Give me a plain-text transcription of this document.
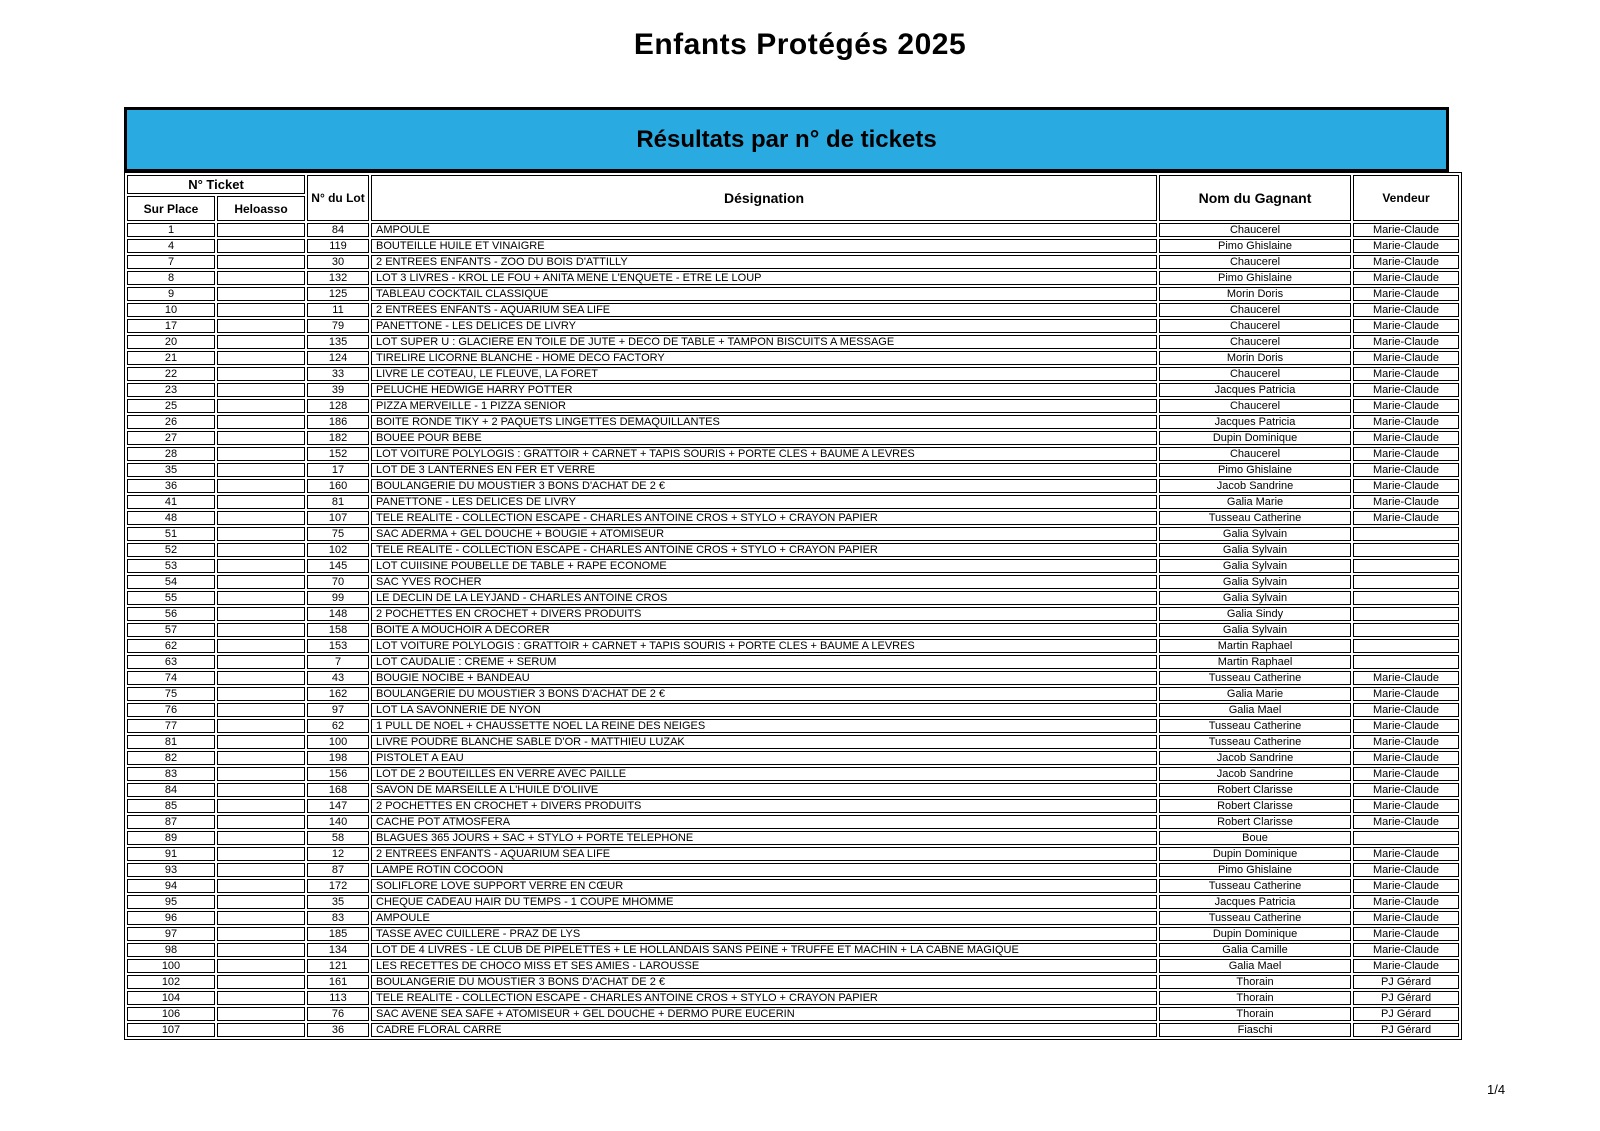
Enfants Protégés 2025
Résultats par n° de tickets
N° Ticket		N° du Lot	Désignation	Nom du Gagnant	Vendeur
Sur Place	Heloasso				
1		84	AMPOULE	Chaucerel	Marie-Claude
4		119	BOUTEILLE HUILE ET VINAIGRE	Pimo Ghislaine	Marie-Claude
7		30	2 ENTREES ENFANTS - ZOO DU BOIS D'ATTILLY	Chaucerel	Marie-Claude
8		132	LOT 3 LIVRES - KROL LE FOU + ANITA MENE L'ENQUETE - ETRE LE LOUP	Pimo Ghislaine	Marie-Claude
9		125	TABLEAU COCKTAIL CLASSIQUE	Morin Doris	Marie-Claude
10		11	2 ENTREES ENFANTS - AQUARIUM SEA LIFE	Chaucerel	Marie-Claude
17		79	PANETTONE - LES DELICES DE LIVRY	Chaucerel	Marie-Claude
20		135	LOT SUPER U : GLACIERE EN TOILE DE JUTE + DECO DE TABLE + TAMPON BISCUITS A MESSAGE	Chaucerel	Marie-Claude
21		124	TIRELIRE LICORNE BLANCHE - HOME DECO FACTORY	Morin Doris	Marie-Claude
22		33	LIVRE LE COTEAU, LE FLEUVE, LA FORET	Chaucerel	Marie-Claude
23		39	PELUCHE HEDWIGE HARRY POTTER	Jacques Patricia	Marie-Claude
25		128	PIZZA MERVEILLE - 1 PIZZA SENIOR	Chaucerel	Marie-Claude
26		186	BOITE RONDE TIKY + 2 PAQUETS LINGETTES DEMAQUILLANTES	Jacques Patricia	Marie-Claude
27		182	BOUEE POUR BEBE	Dupin Dominique	Marie-Claude
28		152	LOT VOITURE POLYLOGIS : GRATTOIR + CARNET + TAPIS SOURIS + PORTE CLES + BAUME A LEVRES	Chaucerel	Marie-Claude
35		17	LOT DE 3 LANTERNES EN FER ET VERRE	Pimo Ghislaine	Marie-Claude
36		160	BOULANGERIE DU MOUSTIER 3 BONS D'ACHAT DE 2 €	Jacob Sandrine	Marie-Claude
41		81	PANETTONE - LES DELICES DE LIVRY	Galia Marie	Marie-Claude
48		107	TELE REALITE - COLLECTION ESCAPE - CHARLES ANTOINE CROS + STYLO + CRAYON PAPIER	Tusseau Catherine	Marie-Claude
51		75	SAC ADERMA + GEL DOUCHE + BOUGIE + ATOMISEUR	Galia Sylvain	
52		102	TELE REALITE - COLLECTION ESCAPE - CHARLES ANTOINE CROS + STYLO + CRAYON PAPIER	Galia Sylvain	
53		145	LOT CUIISINE POUBELLE DE TABLE + RAPE ECONOME	Galia Sylvain	
54		70	SAC YVES ROCHER	Galia Sylvain	
55		99	LE DECLIN DE LA LEYJAND - CHARLES ANTOINE CROS	Galia Sylvain	
56		148	2 POCHETTES EN CROCHET + DIVERS PRODUITS	Galia Sindy	
57		158	BOITE A MOUCHOIR A DECORER	Galia Sylvain	
62		153	LOT VOITURE POLYLOGIS : GRATTOIR + CARNET + TAPIS SOURIS + PORTE CLES + BAUME A LEVRES	Martin Raphael	
63		7	LOT CAUDALIE : CREME + SERUM	Martin Raphael	
74		43	BOUGIE NOCIBE + BANDEAU	Tusseau Catherine	Marie-Claude
75		162	BOULANGERIE DU MOUSTIER 3 BONS D'ACHAT DE 2 €	Galia Marie	Marie-Claude
76		97	LOT LA SAVONNERIE DE NYON	Galia Mael	Marie-Claude
77		62	1 PULL DE NOEL + CHAUSSETTE NOEL LA REINE DES NEIGES	Tusseau Catherine	Marie-Claude
81		100	LIVRE POUDRE BLANCHE SABLE D'OR - MATTHIEU LUZAK	Tusseau Catherine	Marie-Claude
82		198	PISTOLET A EAU	Jacob Sandrine	Marie-Claude
83		156	LOT DE 2 BOUTEILLES EN VERRE AVEC PAILLE	Jacob Sandrine	Marie-Claude
84		168	SAVON DE MARSEILLE A L'HUILE D'OLIIVE	Robert Clarisse	Marie-Claude
85		147	2 POCHETTES EN CROCHET + DIVERS PRODUITS	Robert Clarisse	Marie-Claude
87		140	CACHE POT ATMOSFERA	Robert Clarisse	Marie-Claude
89		58	BLAGUES 365 JOURS + SAC + STYLO + PORTE TELEPHONE	Boue	
91		12	2 ENTREES ENFANTS - AQUARIUM SEA LIFE	Dupin Dominique	Marie-Claude
93		87	LAMPE ROTIN COCOON	Pimo Ghislaine	Marie-Claude
94		172	SOLIFLORE LOVE SUPPORT VERRE EN CŒUR	Tusseau Catherine	Marie-Claude
95		35	CHEQUE CADEAU HAIR DU TEMPS - 1 COUPE MHOMME	Jacques Patricia	Marie-Claude
96		83	AMPOULE	Tusseau Catherine	Marie-Claude
97		185	TASSE AVEC CUILLERE - PRAZ DE LYS	Dupin Dominique	Marie-Claude
98		134	LOT DE 4 LIVRES - LE CLUB DE PIPELETTES + LE HOLLANDAIS SANS PEINE + TRUFFE ET MACHIN + LA CABNE MAGIQUE	Galia Camille	Marie-Claude
100		121	LES RECETTES DE CHOCO MISS ET SES AMIES - LAROUSSE	Galia Mael	Marie-Claude
102		161	BOULANGERIE DU MOUSTIER 3 BONS D'ACHAT DE 2 €	Thorain	PJ Gérard
104		113	TELE REALITE - COLLECTION ESCAPE - CHARLES ANTOINE CROS + STYLO + CRAYON PAPIER	Thorain	PJ Gérard
106		76	SAC AVENE SEA SAFE + ATOMISEUR + GEL DOUCHE + DERMO PURE EUCERIN	Thorain	PJ Gérard
107		36	CADRE FLORAL CARRE	Fiaschi	PJ Gérard
1/4
